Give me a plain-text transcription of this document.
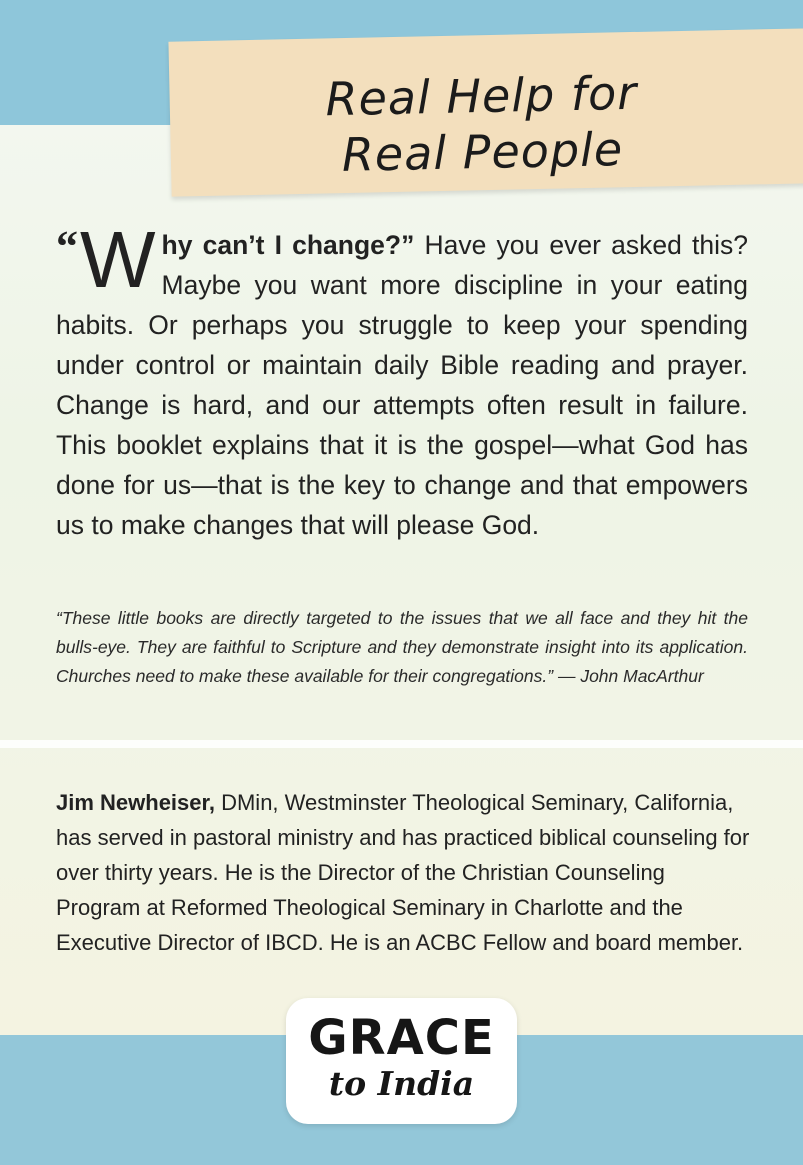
Real Help for
Real People
“ W hy can’t I change?” Have you ever asked this? Maybe you want more discipline in your eating habits. Or perhaps you struggle to keep your spending under control or maintain daily Bible reading and prayer. Change is hard, and our attempts often result in failure. This booklet explains that it is the gospel—what God has done for us—that is the key to change and that empowers us to make changes that will please God.
“These little books are directly targeted to the issues that we all face and they hit the bulls-eye. They are faithful to Scripture and they demonstrate insight into its application. Churches need to make these available for their congregations.” — John MacArthur
Jim Newheiser, DMin, Westminster Theological Seminary, California, has served in pastoral ministry and has practiced biblical counseling for over thirty years. He is the Director of the Christian Counseling Program at Reformed Theological Seminary in Charlotte and the Executive Director of IBCD. He is an ACBC Fellow and board member.
GRACE
to India
